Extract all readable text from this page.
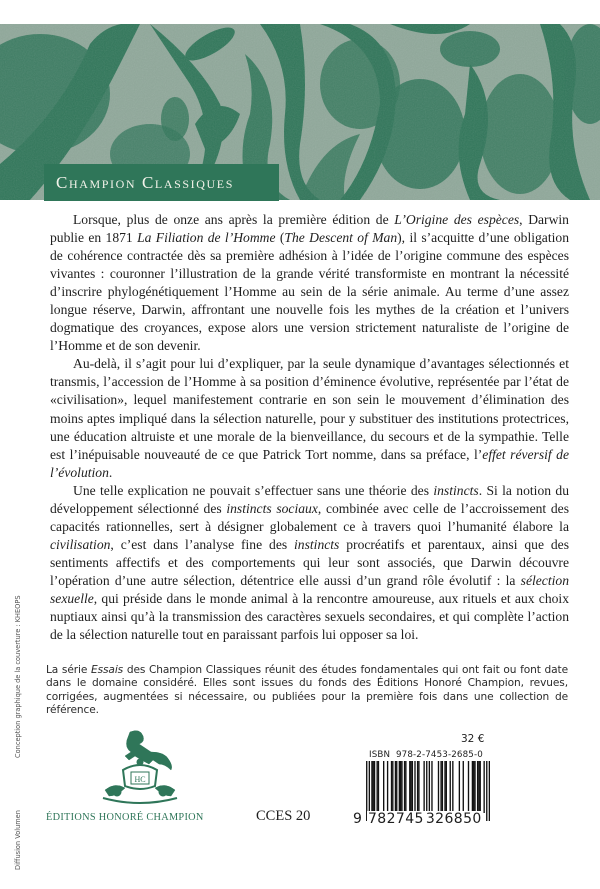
Champion Classiques

Lorsque, plus de onze ans après la première édition de L’Origine des espèces, Darwin publie en 1871 La Filiation de l’Homme (The Descent of Man), il s’acquitte d’une obligation de cohérence contractée dès sa première adhésion à l’idée de l’origine commune des espèces vivantes : couronner l’illustration de la grande vérité transformiste en montrant la nécessité d’inscrire phylogénétiquement l’Homme au sein de la série animale. Au terme d’une assez longue réserve, Darwin, affrontant une nouvelle fois les mythes de la création et l’univers dogmatique des croyances, expose alors une version strictement naturaliste de l’origine de l’Homme et de son devenir.

Au-delà, il s’agit pour lui d’expliquer, par la seule dynamique d’avantages sélectionnés et transmis, l’accession de l’Homme à sa position d’éminence évolutive, représentée par l’état de «civilisation», lequel manifestement contrarie en son sein le mouvement d’élimination des moins aptes impliqué dans la sélection naturelle, pour y substituer des institutions protectrices, une éducation altruiste et une morale de la bienveillance, du secours et de la sympathie. Telle est l’inépuisable nouveauté de ce que Patrick Tort nomme, dans sa préface, l’effet réversif de l’évolution.

Une telle explication ne pouvait s’effectuer sans une théorie des instincts. Si la notion du développement sélectionné des instincts sociaux, combinée avec celle de l’accroissement des capacités rationnelles, sert à désigner globalement ce à travers quoi l’humanité élabore la civilisation, c’est dans l’analyse fine des instincts procréatifs et parentaux, ainsi que des sentiments affectifs et des comportements qui leur sont associés, que Darwin découvre l’opération d’une autre sélection, détentrice elle aussi d’un grand rôle évolutif : la sélection sexuelle, qui préside dans le monde animal à la rencontre amoureuse, aux rituels et aux choix nuptiaux ainsi qu’à la transmission des caractères sexuels secondaires, et qui complète l’action de la sélection naturelle tout en paraissant parfois lui opposer sa loi.

La série Essais des Champion Classiques réunit des études fondamentales qui ont fait ou font date dans le domaine considéré. Elles sont issues du fonds des Éditions Honoré Champion, revues, corrigées, augmentées si nécessaire, ou publiées pour la première fois dans une collection de référence.
Diffusion Volumen Conception graphique de la couverture : KHEOPS
HC
ÉDITIONS HONORÉ CHAMPION	CCES 20
32 €
ISBN 978-2-7453-2685-0
9 782745 326850
